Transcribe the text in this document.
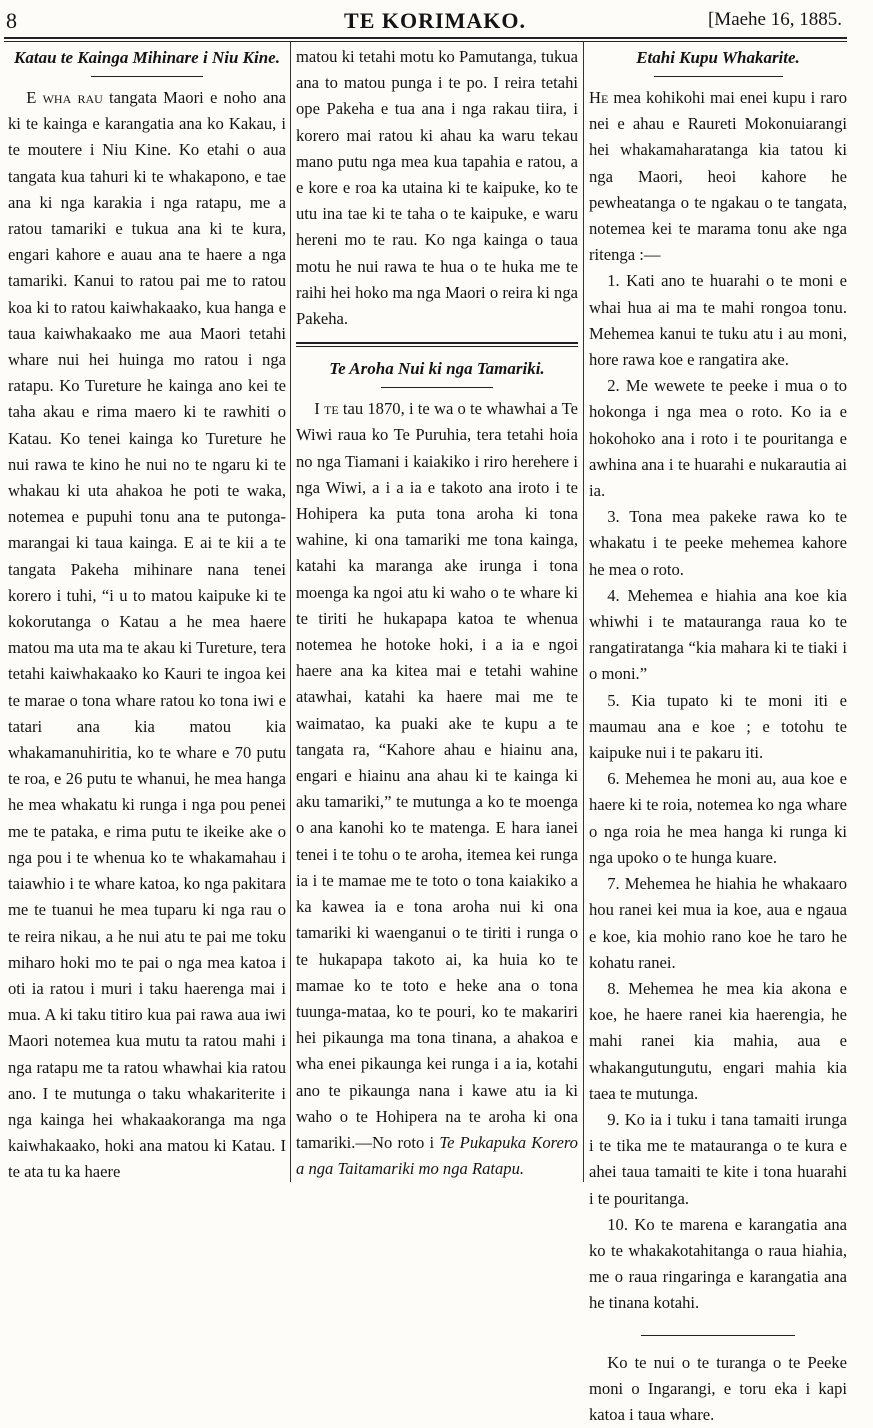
8	TE KORIMAKO.	[Maehe 16, 1885.
Katau te Kainga Mihinare i Niu Kine.

E wha rau tangata Maori e noho ana ki te kainga e karangatia ana ko Kakau, i te moutere i Niu Kine. Ko etahi o aua tangata kua tahuri ki te whakapono, e tae ana ki nga karakia i nga ratapu, me a ratou tamariki e tukua ana ki te kura, engari kahore e auau ana te haere a nga tamariki. Kanui to ratou pai me to ratou koa ki to ratou kaiwhakaako, kua hanga e taua kaiwhakaako me aua Maori tetahi whare nui hei huinga mo ratou i nga ratapu. Ko Tureture he kainga ano kei te taha akau e rima maero ki te rawhiti o Katau. Ko tenei kainga ko Tureture he nui rawa te kino he nui no te ngaru ki te whakau ki uta ahakoa he poti te waka, notemea e pupuhi tonu ana te putonga-marangai ki taua kainga. E ai te kii a te tangata Pakeha mihinare nana tenei korero i tuhi, “i u to matou kaipuke ki te kokorutanga o Katau a he mea haere matou ma uta ma te akau ki Tureture, tera tetahi kaiwhakaako ko Kauri te ingoa kei te marae o tona whare ratou ko tona iwi e tatari ana kia matou kia whakamanuhiritia, ko te whare e 70 putu te roa, e 26 putu te whanui, he mea hanga he mea whakatu ki runga i nga pou penei me te pataka, e rima putu te ikeike ake o nga pou i te whenua ko te whakamahau i taiawhio i te whare katoa, ko nga pakitara me te tuanui he mea tuparu ki nga rau o te reira nikau, a he nui atu te pai me toku miharo hoki mo te pai o nga mea katoa i oti ia ratou i muri i taku haerenga mai i mua. A ki taku titiro kua pai rawa aua iwi Maori notemea kua mutu ta ratou mahi i nga ratapu me ta ratou whawhai kia ratou ano. I te mutunga o taku whakariterite i nga kainga hei whakaakoranga ma nga kaiwhakaako, hoki ana matou ki Katau. I te ata tu ka haere

matou ki tetahi motu ko Pamutanga, tukua ana to matou punga i te po. I reira tetahi ope Pakeha e tua ana i nga rakau tiira, i korero mai ratou ki ahau ka waru tekau mano putu nga mea kua tapahia e ratou, a e kore e roa ka utaina ki te kaipuke, ko te utu ina tae ki te taha o te kaipuke, e waru hereni mo te rau. Ko nga kainga o taua motu he nui rawa te hua o te huka me te raihi hei hoko ma nga Maori o reira ki nga Pakeha.

Te Aroha Nui ki nga Tamariki.

I te tau 1870, i te wa o te whawhai a Te Wiwi raua ko Te Puruhia, tera tetahi hoia no nga Tiamani i kaiakiko i riro herehere i nga Wiwi, a i a ia e takoto ana iroto i te Hohipera ka puta tona aroha ki tona wahine, ki ona tamariki me tona kainga, katahi ka maranga ake irunga i tona moenga ka ngoi atu ki waho o te whare ki te tiriti he hukapapa katoa te whenua notemea he hotoke hoki, i a ia e ngoi haere ana ka kitea mai e tetahi wahine atawhai, katahi ka haere mai me te waimatao, ka puaki ake te kupu a te tangata ra, “Kahore ahau e hiainu ana, engari e hiainu ana ahau ki te kainga ki aku tamariki,” te mutunga a ko te moenga o ana kanohi ko te matenga. E hara ianei tenei i te tohu o te aroha, itemea kei runga ia i te mamae me te toto o tona kaiakiko a ka kawea ia e tona aroha nui ki ona tamariki ki waenganui o te tiriti i runga o te hukapapa takoto ai, ka huia ko te mamae ko te toto e heke ana o tona tuunga-mataa, ko te pouri, ko te makariri hei pikaunga ma tona tinana, a ahakoa e wha enei pikaunga kei runga i a ia, kotahi ano te pikaunga nana i kawe atu ia ki waho o te Hohipera na te aroha ki ona tamariki.—No roto i Te Pukapuka Korero a nga Taitamariki mo nga Ratapu.

Etahi Kupu Whakarite.

He mea kohikohi mai enei kupu i raro nei e ahau e Raureti Mokonuiarangi hei whakamaharatanga kia tatou ki nga Maori, heoi kahore he pewheatanga o te ngakau o te tangata, notemea kei te marama tonu ake nga ritenga :—

1. Kati ano te huarahi o te moni e whai hua ai ma te mahi rongoa tonu. Mehemea kanui te tuku atu i au moni, hore rawa koe e rangatira ake.

2. Me wewete te peeke i mua o to hokonga i nga mea o roto. Ko ia e hokohoko ana i roto i te pouritanga e awhina ana i te huarahi e nukarautia ai ia.

3. Tona mea pakeke rawa ko te whakatu i te peeke mehemea kahore he mea o roto.

4. Mehemea e hiahia ana koe kia whiwhi i te matauranga raua ko te rangatiratanga “kia mahara ki te tiaki i o moni.”

5. Kia tupato ki te moni iti e maumau ana e koe ; e totohu te kaipuke nui i te pakaru iti.

6. Mehemea he moni au, aua koe e haere ki te roia, notemea ko nga whare o nga roia he mea hanga ki runga ki nga upoko o te hunga kuare.

7. Mehemea he hiahia he whakaaro hou ranei kei mua ia koe, aua e ngaua e koe, kia mohio rano koe he taro he kohatu ranei.

8. Mehemea he mea kia akona e koe, he haere ranei kia haerengia, he mahi ranei kia mahia, aua e whakangutungutu, engari mahia kia taea te mutunga.

9. Ko ia i tuku i tana tamaiti irunga i te tika me te matauranga o te kura e ahei taua tamaiti te kite i tona huarahi i te pouritanga.

10. Ko te marena e karangatia ana ko te whakakotahitanga o raua hiahia, me o raua ringaringa e karangatia ana he tinana kotahi.

Ko te nui o te turanga o te Peeke moni o Ingarangi, e toru eka i kapi katoa i taua whare.
